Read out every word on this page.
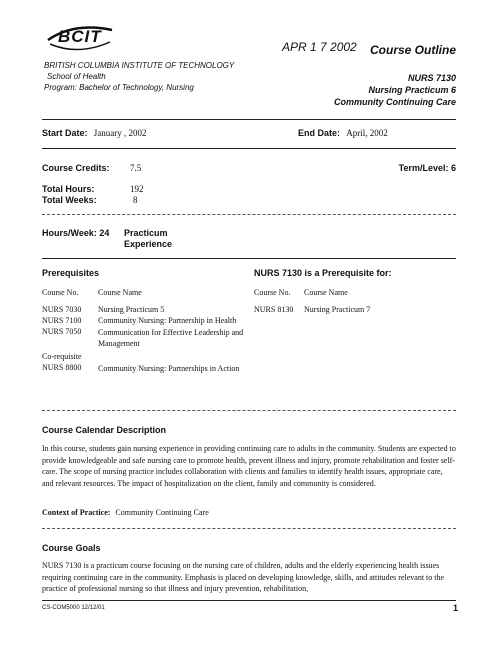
BCIT
BRITISH COLUMBIA INSTITUTE OF TECHNOLOGY
School of Health
Program: Bachelor of Technology, Nursing
APR 1 7 2002 Course Outline
NURS 7130
Nursing Practicum 6
Community Continuing Care
Start Date: January , 2002	End Date: April, 2002
Course Credits: 7.5	Term/Level: 6
Total Hours:	192
Total Weeks:	8
Hours/Week: 24 Practicum
Experience
Prerequisites	NURS 7130 is a Prerequisite for:
Course No. Course Name	Course No. Course Name
NURS 7030 Nursing Practicum 5
NURS 7100 Community Nursing: Partnership in Health
NURS 7050 Communication for Effective Leadership and Management
Co-requisite
NURS 8800 Community Nursing: Partnerships in Action
NURS 8130 Nursing Practicum 7
Course Calendar Description
In this course, students gain nursing experience in providing continuing care to adults in the community. Students are expected to provide knowledgeable and safe nursing care to promote health, prevent illness and injury, promote rehabilitation and foster self-care. The scope of nursing practice includes collaboration with clients and families to identify health issues, appropriate care, and relevant resources. The impact of hospitalization on the client, family and community is considered.
Context of Practice: Community Continuing Care
Course Goals
NURS 7130 is a practicum course focusing on the nursing care of children, adults and the elderly experiencing health issues requiring continuing care in the community. Emphasis is placed on developing knowledge, skills, and attitudes relevant to the practice of professional nursing so that illness and injury prevention, rehabilitation,
CS-COM5000 12/12/01	1
